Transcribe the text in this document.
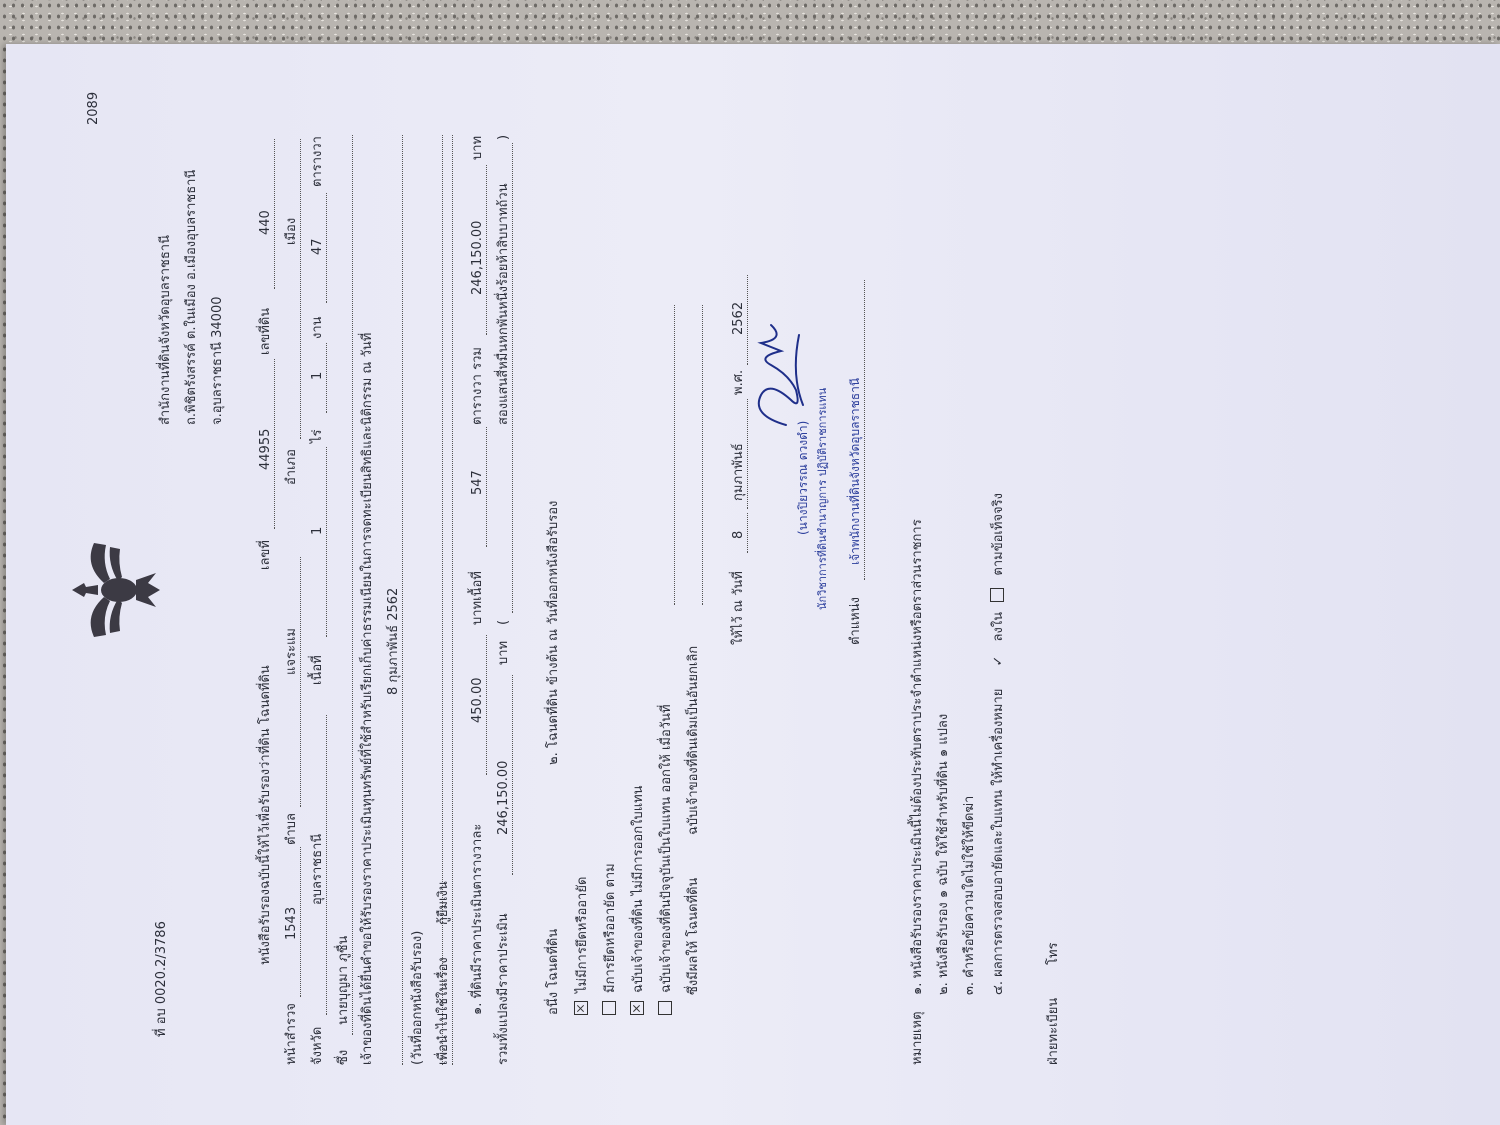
2089
ที่ อบ 0020.2/3786
สำนักงานที่ดินจังหวัดอุบลราชธานี ถ.พิชิตรังสรรค์ ต.ในเมือง อ.เมืองอุบลราชธานี จ.อุบลราชธานี 34000
หนังสือรับรองฉบับนี้ให้ไว้เพื่อรับรองว่าที่ดิน โฉนดที่ดิน
เลขที่
44955
เลขที่ดิน
440
หน้าสำรวจ
1543
ตำบล
แจระแม
อำเภอ
เมือง
จังหวัด
อุบลราชธานี
เนื้อที่
1
ไร่
1
งาน
47
ตารางวา
ซึ่ง
นายบุญมา ภูชื่น เจ้าของที่ดินได้ยื่นคำขอให้รับรองราคาประเมินทุนทรัพย์ที่ใช้สำหรับเรียกเก็บค่าธรรมเนียมในการจดทะเบียนสิทธิและนิติกรรม ณ วันที่ 8 กุมภาพันธ์ 2562
(วันที่ออกหนังสือรับรอง) เพื่อนำไปใช้ในเรื่อง
กู้ยืมเงิน ๑. ที่ดินมีราคาประเมินตารางวาละ
450.00
บาทเนื้อที่
547
ตารางวา รวม
246,150.00
บาท
รวมทั้งแปลงมีราคาประเมิน
246,150.00
บาท
(
สองแสนสี่หมื่นหกพันหนึ่งร้อยห้าสิบบาทถ้วน
)
อนึ่ง โฉนดที่ดิน
๒. โฉนดที่ดิน ข้างต้น ณ วันที่ออกหนังสือรับรอง
ไม่มีการยึดหรืออายัด มีการยึดหรืออายัด ตาม ฉบับเจ้าของที่ดิน ไม่มีการออกใบแทน ฉบับเจ้าของที่ดินปัจจุบันเป็นใบแทน ออกให้ เมื่อวันที่ ซึ่งมีผลให้ โฉนดที่ดิน
ฉบับเจ้าของที่ดินเดิมเป็นอันยกเลิก
ให้ไว้ ณ วันที่
8
กุมภาพันธ์
พ.ศ.
2562
(นางปิยวรรณ ดวงดำ) นักวิชาการที่ดินชำนาญการ ปฏิบัติราชการแทน
ตำแหน่ง
เจ้าพนักงานที่ดินจังหวัดอุบลราชธานี
หมายเหตุ
๑. หนังสือรับรองราคาประเมินนี้ไม่ต้องประทับตราประจำตำแหน่งหรือตราส่วนราชการ ๒. หนังสือรับรอง ๑ ฉบับ ให้ใช้สำหรับที่ดิน ๑ แปลง ๓. คำหรือข้อความใดไม่ใช้ให้ขีดฆ่า ๔. ผลการตรวจสอบอายัดและใบแทน ให้ทำเครื่องหมาย ✓ ลงใน  ตามข้อเท็จจริง
ฝ่ายทะเบียน
โทร
